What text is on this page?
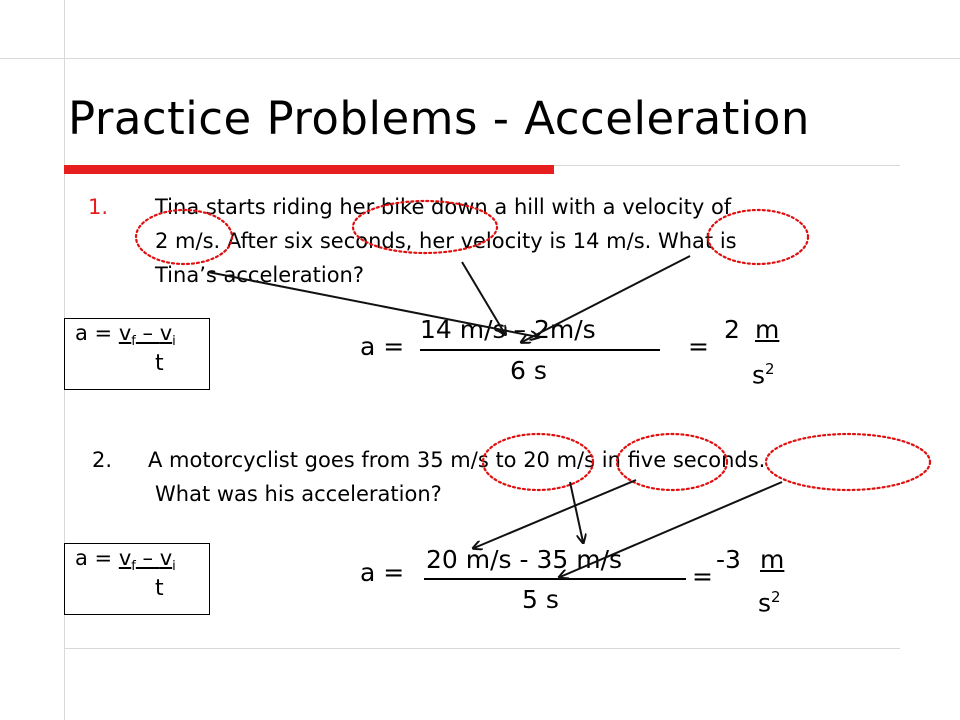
Practice Problems - Acceleration
1. Tina starts riding her bike down a hill with a velocity of
2 m/s. After six seconds, her velocity is 14 m/s. What is
Tina’s acceleration?
$a = v_f - v_i$
t
a =
14 m/s – 2m/s
6 s
=
2 m
$s^2$
2. A motorcyclist goes from 35 m/s to 20 m/s in five seconds.
What was his acceleration?
$a = v_f - v_i$
t
a = 20 m/s - 35 m/s
5 s
=
-3 m
$s^2$
